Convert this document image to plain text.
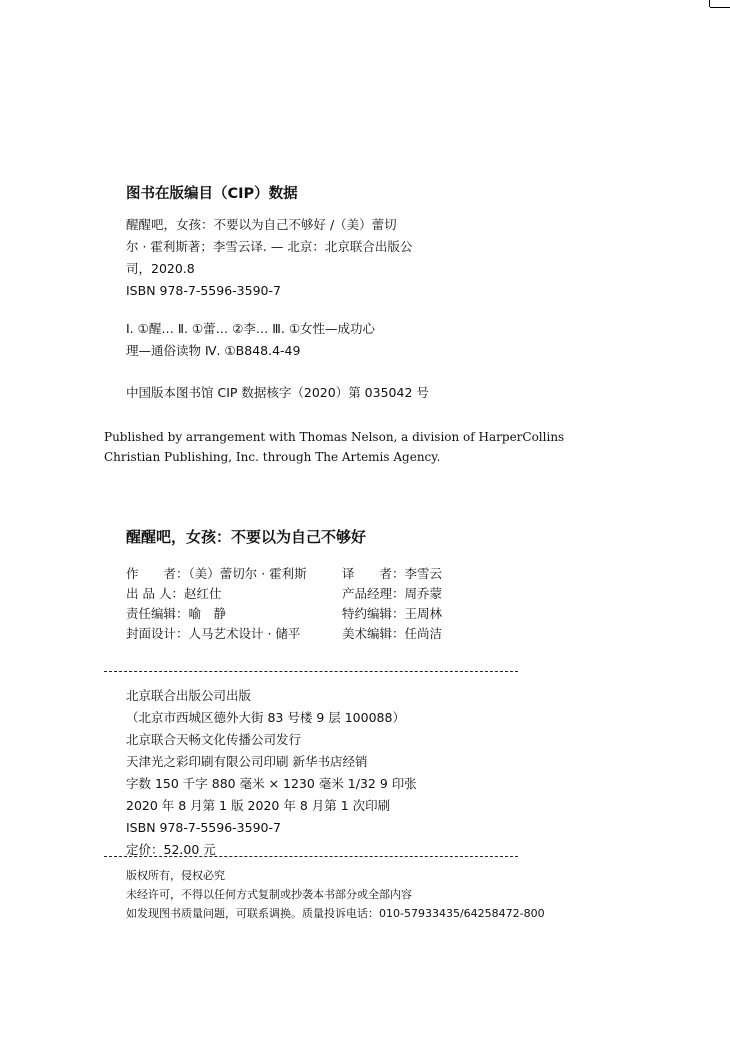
图书在版编目（CIP）数据
醒醒吧，女孩：不要以为自己不够好 /（美）蕾切
尔 · 霍利斯著；李雪云译. — 北京：北京联合出版公
司，2020.8
ISBN 978-7-5596-3590-7
Ⅰ. ①醒… Ⅱ. ①蕾… ②李… Ⅲ. ①女性—成功心
理—通俗读物 Ⅳ. ①B848.4-49
中国版本图书馆 CIP 数据核字（2020）第 035042 号
Published by arrangement with Thomas Nelson, a division of HarperCollins
Christian Publishing, Inc. through The Artemis Agency.
醒醒吧，女孩：不要以为自己不够好
作　　者：（美）蕾切尔 · 霍利斯	译　　者：李雪云
出 品 人：赵红仕	产品经理：周乔蒙
责任编辑：喻　静	特约编辑：王周林
封面设计：人马艺术设计 · 储平	美术编辑：任尚洁
北京联合出版公司出版
（北京市西城区德外大街 83 号楼 9 层 100088）
北京联合天畅文化传播公司发行
天津光之彩印刷有限公司印刷 新华书店经销
字数 150 千字 880 毫米 × 1230 毫米 1/32 9 印张
2020 年 8 月第 1 版 2020 年 8 月第 1 次印刷
ISBN 978-7-5596-3590-7
定价：52.00 元
版权所有，侵权必究
未经许可，不得以任何方式复制或抄袭本书部分或全部内容
如发现图书质量问题，可联系调换。质量投诉电话：010-57933435/64258472-800
